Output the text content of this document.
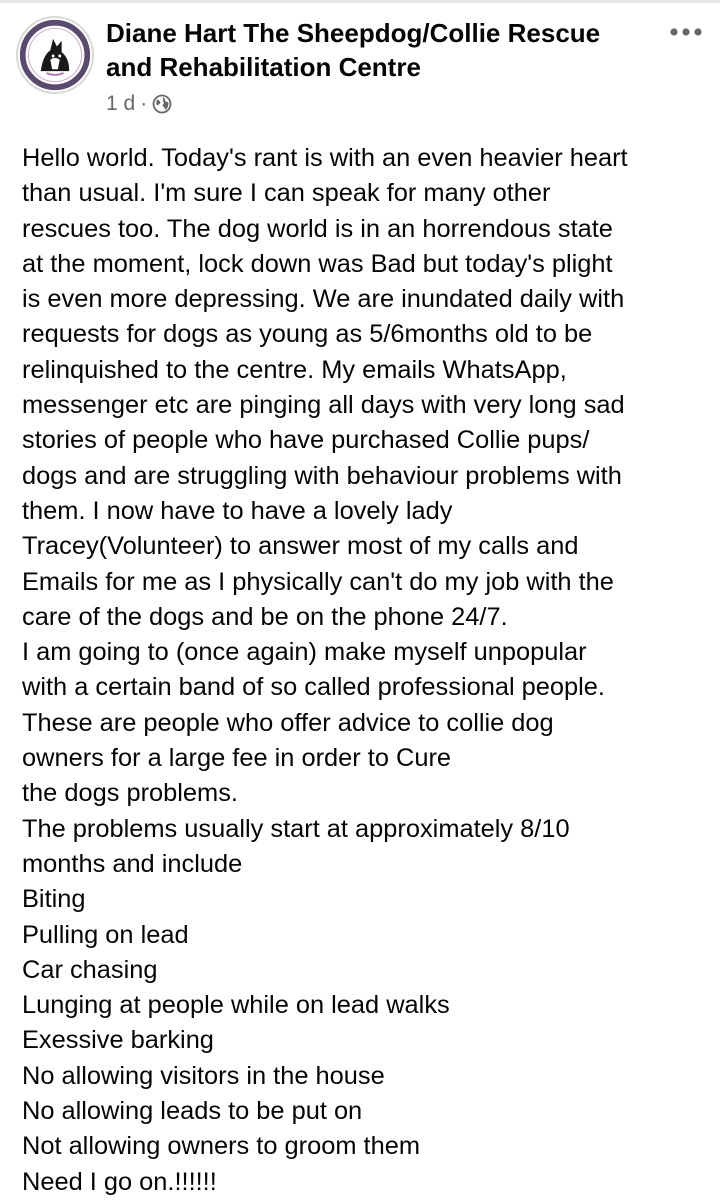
Diane Hart The Sheepdog/Collie Rescue
and Rehabilitation Centre
1 d ·
Hello world. Today's rant is with an even heavier heart
than usual. I'm sure I can speak for many other
rescues too. The dog world is in an horrendous state
at the moment, lock down was Bad but today's plight
is even more depressing. We are inundated daily with
requests for dogs as young as 5/6months old to be
relinquished to the centre. My emails WhatsApp,
messenger etc are pinging all days with very long sad
stories of people who have purchased Collie pups/
dogs and are struggling with behaviour problems with
them. I now have to have a lovely lady
Tracey(Volunteer) to answer most of my calls and
Emails for me as I physically can't do my job with the
care of the dogs and be on the phone 24/7.
I am going to (once again) make myself unpopular
with a certain band of so called professional people.
These are people who offer advice to collie dog
owners for a large fee in order to Cure
the dogs problems.
The problems usually start at approximately 8/10
months and include
Biting
Pulling on lead
Car chasing
Lunging at people while on lead walks
Exessive barking
No allowing visitors in the house
No allowing leads to be put on
Not allowing owners to groom them
Need I go on.!!!!!!
